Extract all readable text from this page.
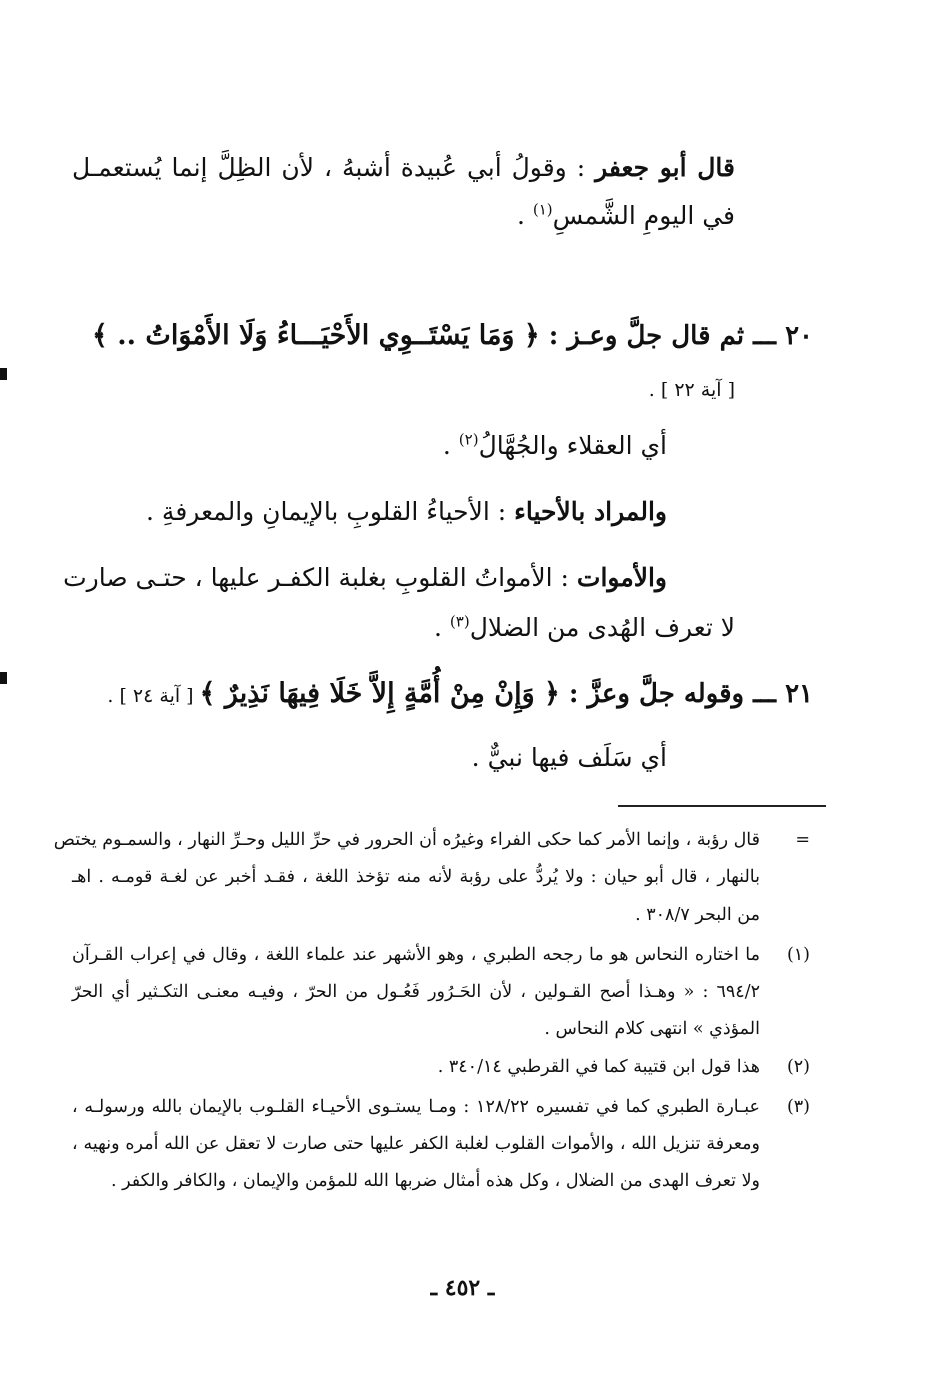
قال أبو جعفر : وقولُ أبي عُبيدة أشبهُ ، لأن الظِلَّ إنما يُستعمـل
في اليومِ الشَّمسِ$^{(١)}$ .
٢٠ ـــ ثم قال جلَّ وعـز : ﴿ وَمَا يَسْتَــوِي الأَحْيَـــاءُ وَلَا الأَمْوَاتُ .. ﴾
[ آية ٢٢ ] .
أي العقلاء والجُهَّالُ$^{(٢)}$ .
والمراد بالأحياء : الأحياءُ القلوبِ بالإيمانِ والمعرفةِ .
والأموات : الأمواتُ القلوبِ بغلبة الكفـر عليها ، حتـى صارت
لا تعرف الهُدى من الضلال$^{(٣)}$ .
٢١ ـــ وقوله جلَّ وعزَّ : ﴿ وَإِنْ مِنْ أُمَّةٍ إِلاَّ خَلَا فِيهَا نَذِيرٌ ﴾ [ آية ٢٤ ] .
أي سَلَف فيها نبيٌّ .
=
قال رؤبة ، وإنما الأمر كما حكى الفراء وغيرُه أن الحرور في حرِّ الليل وحـرِّ النهار ، والسمـوم يختص
بالنهار ، قال أبو حيان : ولا يُردُّ على رؤبة لأنه منه تؤخذ اللغة ، فقـد أخبر عن لغـة قومـه . اهـ
من البحر ٣٠٨/٧ .
(١)
ما اختاره النحاس هو ما رجحه الطبري ، وهو الأشهر عند علماء اللغة ، وقال في إعراب القـرآن
٦٩٤/٢ : « وهـذا أصح القـولين ، لأن الحَـرُور فَعُـول من الحرّ ، وفيـه معنـى التكـثير أي الحرّ
المؤذي » انتهى كلام النحاس .
(٢)
هذا قول ابن قتيبة كما في القرطبي ٣٤٠/١٤ .
(٣)
عبـارة الطبري كما في تفسيره ١٢٨/٢٢ : ومـا يستـوى الأحيـاء القلـوب بالإيمان بالله ورسولـه ،
ومعرفة تنزيل الله ، والأموات القلوب لغلبة الكفر عليها حتى صارت لا تعقل عن الله أمره ونهيه ،
ولا تعرف الهدى من الضلال ، وكل هذه أمثال ضربها الله للمؤمن والإيمان ، والكافر والكفر .
ـ ٤٥٢ ـ
